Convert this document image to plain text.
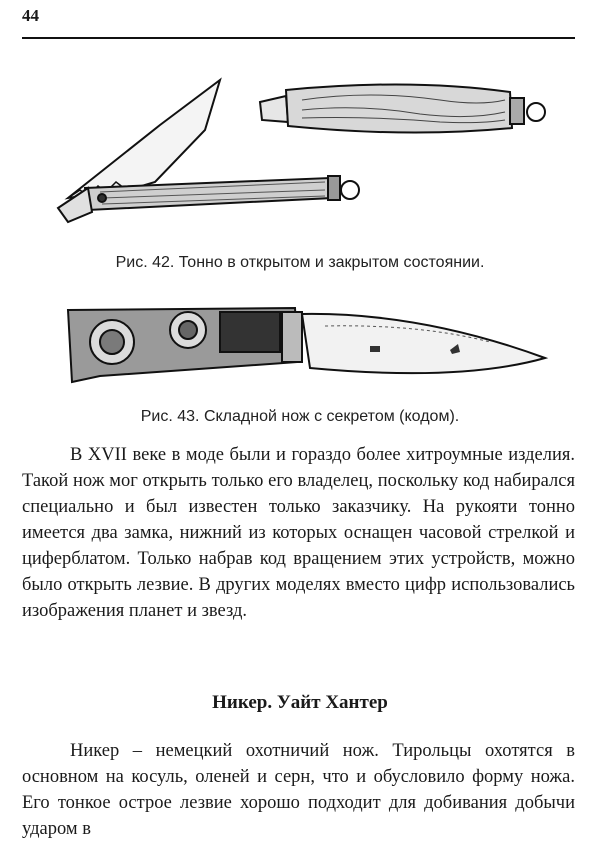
44
Рис. 42. Тонно в открытом и закрытом состоянии.
Рис. 43. Складной нож с секретом (кодом).

В XVII веке в моде были и гораздо более хитроумные изделия. Такой нож мог открыть только его владелец, поскольку код набирался специально и был известен только заказчику. На рукояти тонно имеется два замка, нижний из которых оснащен часовой стрелкой и циферблатом. Только набрав код вращением этих устройств, можно было открыть лезвие. В других моделях вместо цифр использовались изображения планет и звезд.

Никер. Уайт Хантер

Никер – немецкий охотничий нож. Тирольцы охотятся в основном на косуль, оленей и серн, что и обусловило форму ножа. Его тонкое острое лезвие хорошо подходит для добивания добычи ударом в
